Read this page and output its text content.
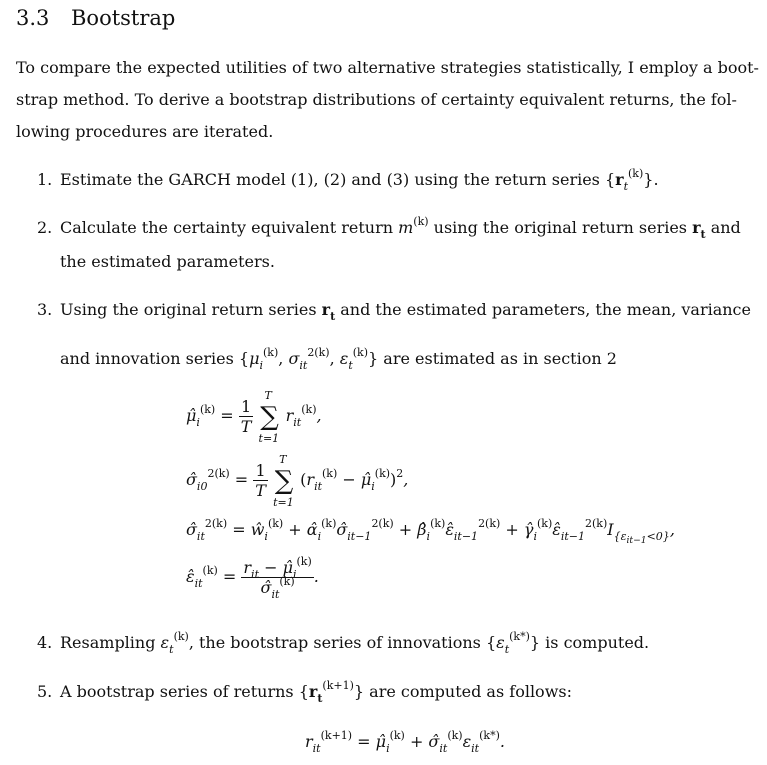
3.3 Bootstrap
To compare the expected utilities of two alternative strategies statistically, I employ a boot-
strap method. To derive a bootstrap distributions of certainty equivalent returns, the fol-
lowing procedures are iterated.
1. Estimate the GARCH model (1), (2) and (3) using the return series $\{r_t^{(k)}\}$.
2. Calculate the certainty equivalent return $m^{(k)}$ using the original return series $r_t$ and
the estimated parameters.
3. Using the original return series $r_t$ and the estimated parameters, the mean, variance
and innovation series {$\mu_i^{(k)}$, $\sigma_{it}^{2(k)}$, $\varepsilon_t^{(k)}$} are estimated as in section 2
$\mû_i^{(k)} = \frac{1}{T}$ ∑
T
t=1
$r_{it}^{(k)}$,
$\sigmâ_{i0}^{2(k)} = \frac{1}{T}$ ∑
T
t=1
($r_{it}^{(k)}$ − $\mû_i^{(k)})^2$,
$\sigmâ_{it}^{2(k)}$ = $ŵ_i^{(k)}$ + $\alphâ_i^{(k)}\sigmâ_{it-1}^{2(k)}$ + $\betâ_i^{(k)}\varepsilon̂_{it-1}^{2(k)}$ + $\gammâ_i^{(k)}\varepsilon̂_{it-1}^{2(k)}I_{\{\varepsilon_{it-1}<0\}}$,
$\varepsilon̂_{it}^{(k)} = \frac{r_{it} - \mû_i^{(k)}}{\sigmâ_{it}^{(k)}}$ .
4. Resampling $\varepsilon_t^{(k)}$, the bootstrap series of innovations $\{\varepsilon_t^{(k*)}\}$ is computed.
5. A bootstrap series of returns $\{r_t^{(k+1)}\}$ are computed as follows:
$r_{it}^{(k+1)}$ = $\mû_i^{(k)}$ + $\sigmâ_{it}^{(k)}\varepsilon_{it}^{(k*)}$.
